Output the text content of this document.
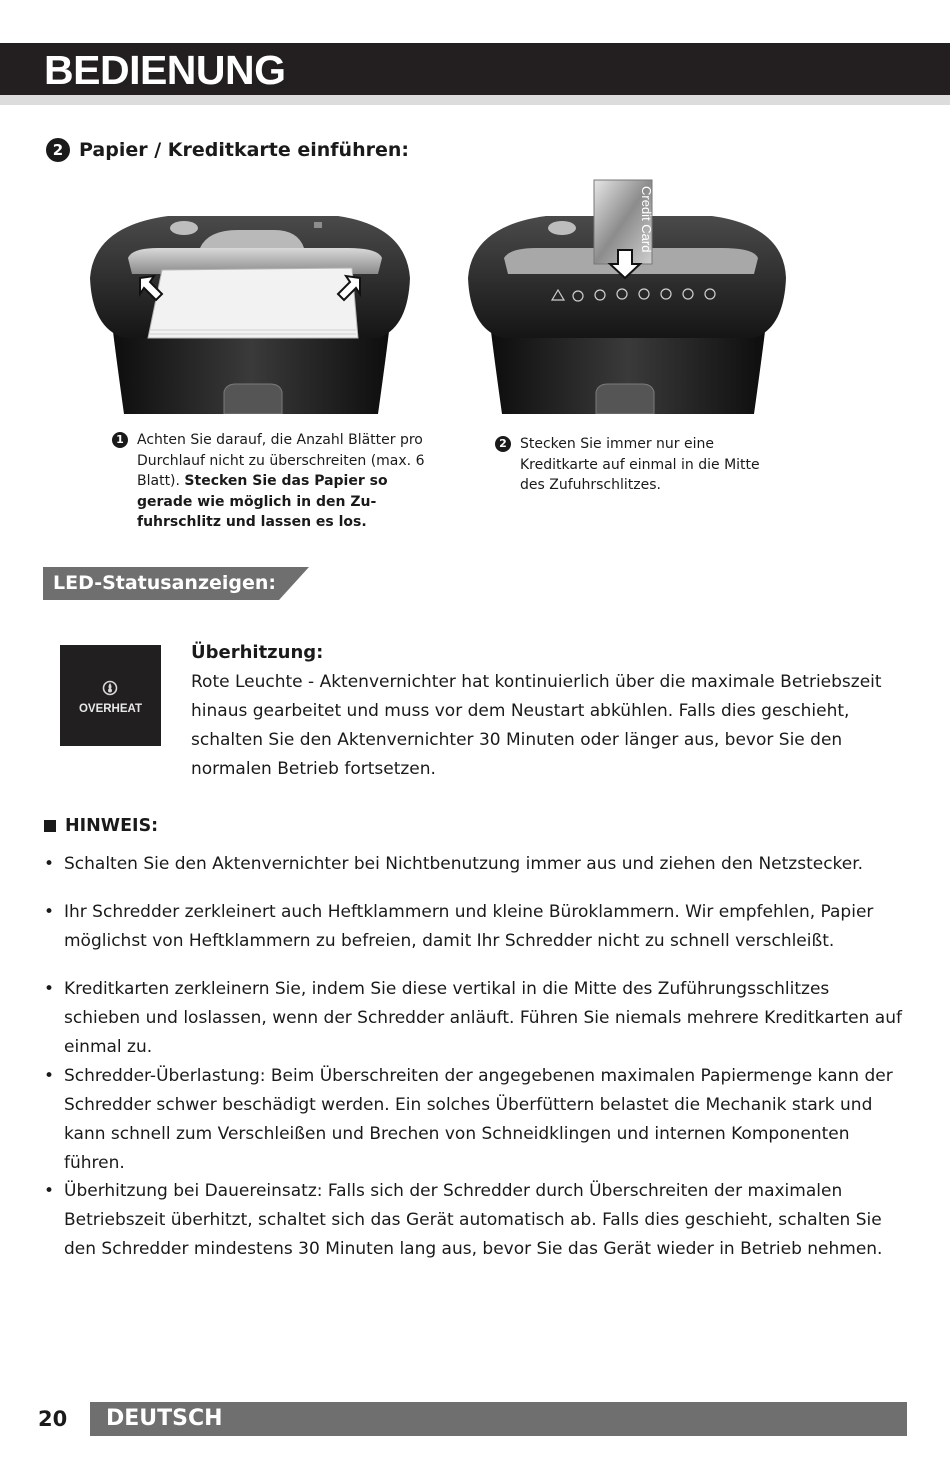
BEDIENUNG
2 Papier / Kreditkarte einführen:
Credit Card
1 Achten Sie darauf, die Anzahl Blätter pro Durchlauf nicht zu überschreiten (max. 6 Blatt). Stecken Sie das Papier so gerade wie möglich in den Zufuhrschlitz und lassen es los.
2 Stecken Sie immer nur eine Kreditkarte auf einmal in die Mitte des Zufuhrschlitzes.
LED-Statusanzeigen:
OVERHEAT
Überhitzung:
Rote Leuchte - Aktenvernichter hat kontinuierlich über die maximale Betriebszeit hinaus gearbeitet und muss vor dem Neustart abkühlen. Falls dies geschieht, schalten Sie den Aktenvernichter 30 Minuten oder länger aus, bevor Sie den normalen Betrieb fortsetzen.
HINWEIS:
• Schalten Sie den Aktenvernichter bei Nichtbenutzung immer aus und ziehen den Netzstecker.
• Ihr Schredder zerkleinert auch Heftklammern und kleine Büroklammern. Wir empfehlen, Papier möglichst von Heftklammern zu befreien, damit Ihr Schredder nicht zu schnell verschleißt.
• Kreditkarten zerkleinern Sie, indem Sie diese vertikal in die Mitte des Zuführungsschlitzes schieben und loslassen, wenn der Schredder anläuft. Führen Sie niemals mehrere Kreditkarten auf einmal zu.
• Schredder-Überlastung: Beim Überschreiten der angegebenen maximalen Papiermenge kann der Schredder schwer beschädigt werden. Ein solches Überfüttern belastet die Mechanik stark und kann schnell zum Verschleißen und Brechen von Schneidklingen und internen Komponenten führen.
• Überhitzung bei Dauereinsatz: Falls sich der Schredder durch Überschreiten der maximalen Betriebszeit überhitzt, schaltet sich das Gerät automatisch ab. Falls dies geschieht, schalten Sie den Schredder mindestens 30 Minuten lang aus, bevor Sie das Gerät wieder in Betrieb nehmen.
20 DEUTSCH
